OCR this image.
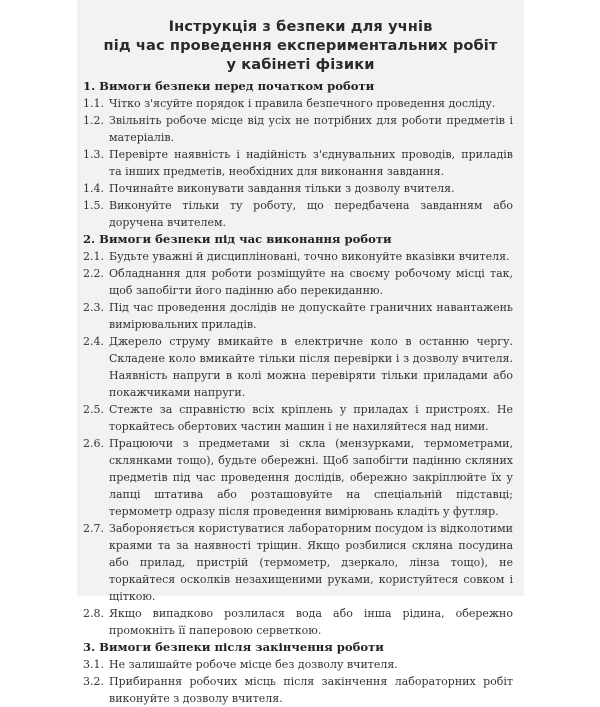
Інструкція з безпеки для учнів
під час проведення експериментальних робіт
у кабінеті фізики
1. Вимоги безпеки перед початком роботи
1.1. Чітко з'ясуйте порядок і правила безпечного проведення досліду.
1.2. Звільніть робоче місце від усіх не потрібних для роботи предметів і матеріалів.
1.3. Перевірте наявність і надійність з'єднувальних проводів, приладів та інших предметів, необхідних для виконання завдання.
1.4. Починайте виконувати завдання тільки з дозволу вчителя.
1.5. Виконуйте тільки ту роботу, що передбачена завданням або доручена вчителем.
2. Вимоги безпеки під час виконання роботи
2.1. Будьте уважні й дисципліновані, точно виконуйте вказівки вчителя.
2.2. Обладнання для роботи розміщуйте на своєму робочому місці так, щоб запобігти його падінню або перекиданню.
2.3. Під час проведення дослідів не допускайте граничних навантажень вимірювальних приладів.
2.4. Джерело струму вмикайте в електричне коло в останню чергу. Складене коло вмикайте тільки після перевірки і з дозволу вчителя. Наявність напруги в колі можна перевіряти тільки приладами або покажчиками напруги.
2.5. Стежте за справністю всіх кріплень у приладах і пристроях. Не торкайтесь обертових частин машин і не нахиляйтеся над ними.
2.6. Працюючи з предметами зі скла (мензурками, термометрами, склянками тощо), будьте обережні. Щоб запобігти падінню скляних предметів під час проведення дослідів, обережно закріплюйте їх у лапці штатива або розташовуйте на спеціальній підставці; термометр одразу після проведення вимірювань кладіть у футляр.
2.7. Забороняється користуватися лабораторним посудом із відколотими краями та за наявності тріщин. Якщо розбилися скляна посудина або прилад, пристрій (термометр, дзеркало, лінза тощо), не торкайтеся осколків незахищеними руками, користуйтеся совком і щіткою.
2.8. Якщо випадково розлилася вода або інша рідина, обережно промокніть її паперовою серветкою.
3. Вимоги безпеки після закінчення роботи
3.1. Не залишайте робоче місце без дозволу вчителя.
3.2. Прибирання робочих місць після закінчення лабораторних робіт виконуйте з дозволу вчителя.
